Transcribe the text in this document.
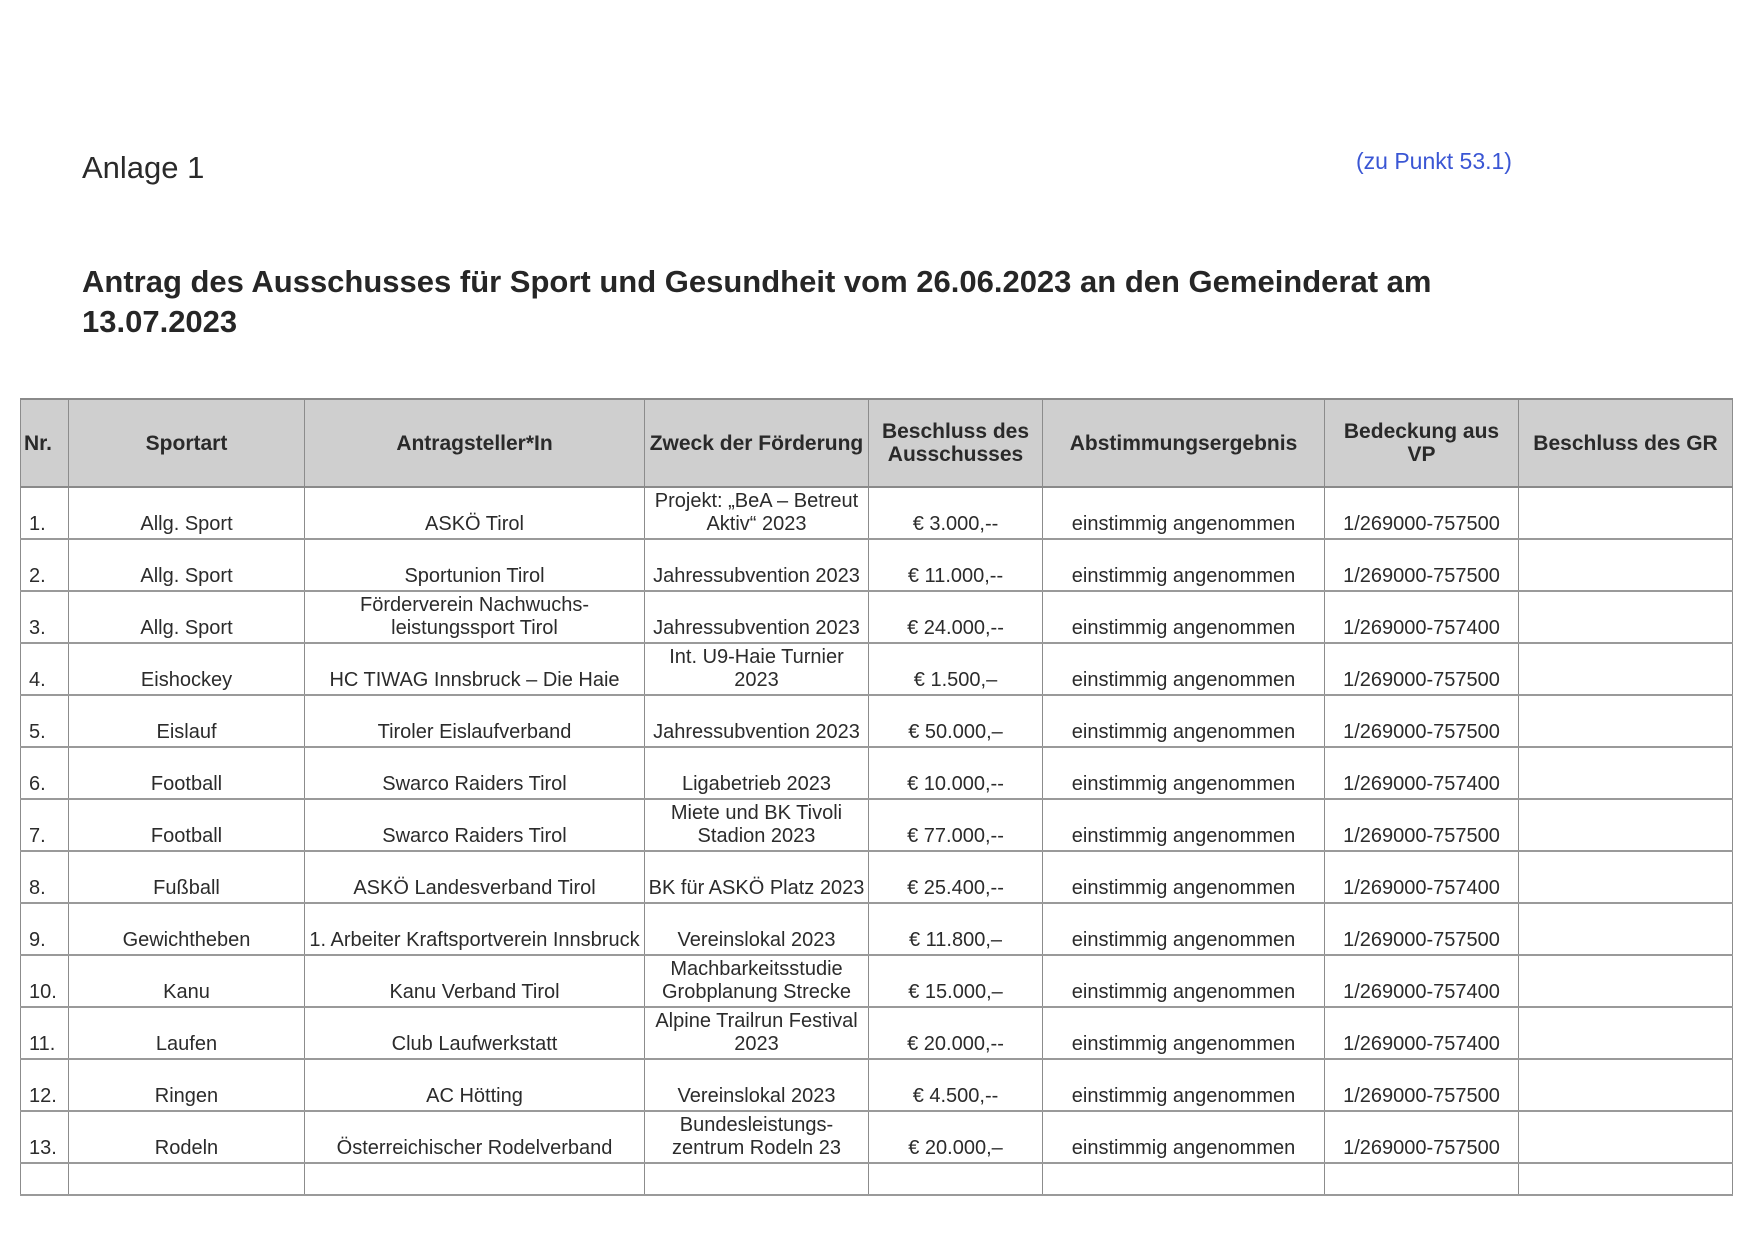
Anlage 1	(zu Punkt 53.1)
Antrag des Ausschusses für Sport und Gesundheit vom 26.06.2023 an den Gemeinderat am 13.07.2023
Nr.	Sportart	Antragsteller*In	Zweck der Förderung	Beschluss des Ausschusses	Abstimmungsergebnis	Bedeckung aus VP	Beschluss des GR
1.	Allg. Sport	ASKÖ Tirol	Projekt: „BeA – Betreut Aktiv“ 2023	€ 3.000,--	einstimmig angenommen	1/269000-757500	
2.	Allg. Sport	Sportunion Tirol	Jahressubvention 2023	€ 11.000,--	einstimmig angenommen	1/269000-757500	
3.	Allg. Sport	Förderverein Nachwuchs-leistungssport Tirol	Jahressubvention 2023	€ 24.000,--	einstimmig angenommen	1/269000-757400	
4.	Eishockey	HC TIWAG Innsbruck – Die Haie	Int. U9-Haie Turnier 2023	€ 1.500,–	einstimmig angenommen	1/269000-757500	
5.	Eislauf	Tiroler Eislaufverband	Jahressubvention 2023	€ 50.000,–	einstimmig angenommen	1/269000-757500	
6.	Football	Swarco Raiders Tirol	Ligabetrieb 2023	€ 10.000,--	einstimmig angenommen	1/269000-757400	
7.	Football	Swarco Raiders Tirol	Miete und BK Tivoli Stadion 2023	€ 77.000,--	einstimmig angenommen	1/269000-757500	
8.	Fußball	ASKÖ Landesverband Tirol	BK für ASKÖ Platz 2023	€ 25.400,--	einstimmig angenommen	1/269000-757400	
9.	Gewichtheben	1. Arbeiter Kraftsportverein Innsbruck	Vereinslokal 2023	€ 11.800,–	einstimmig angenommen	1/269000-757500	
10.	Kanu	Kanu Verband Tirol	Machbarkeitsstudie Grobplanung Strecke	€ 15.000,–	einstimmig angenommen	1/269000-757400	
11.	Laufen	Club Laufwerkstatt	Alpine Trailrun Festival 2023	€ 20.000,--	einstimmig angenommen	1/269000-757400	
12.	Ringen	AC Hötting	Vereinslokal 2023	€ 4.500,--	einstimmig angenommen	1/269000-757500	
13.	Rodeln	Österreichischer Rodelverband	Bundesleistungs-zentrum Rodeln 23	€ 20.000,–	einstimmig angenommen	1/269000-757500	
